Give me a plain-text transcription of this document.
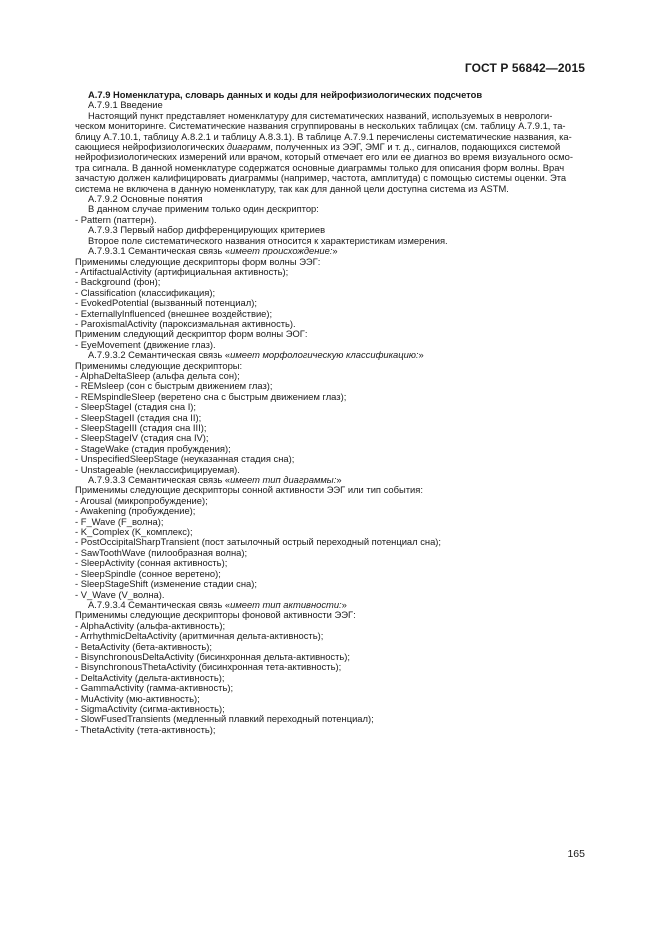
ГОСТ Р 56842—2015

A.7.9 Номенклатура, словарь данных и коды для нейрофизиологических подсчетов

A.7.9.1 Введение

Настоящий пункт представляет номенклатуру для систематических названий, используемых в неврологи-

ческом мониторинге. Систематические названия сгруппированы в нескольких таблицах (см. таблицу А.7.9.1, та-

блицу А.7.10.1, таблицу А.8.2.1 и таблицу А.8.3.1). В таблице А.7.9.1 перечислены систематические названия, ка-

сающиеся нейрофизиологических диаграмм, полученных из ЭЭГ, ЭМГ и т. д., сигналов, подающихся системой

нейрофизиологических измерений или врачом, который отмечает его или ее диагноз во время визуального осмо-

тра сигнала. В данной номенклатуре содержатся основные диаграммы только для описания форм волны. Врач

зачастую должен калифицировать диаграммы (например, частота, амплитуда) с помощью системы оценки. Эта

система не включена в данную номенклатуру, так как для данной цели доступна система из ASTM.

A.7.9.2 Основные понятия

В данном случае применим только один дескриптор:

- Pattern (паттерн).

A.7.9.3 Первый набор дифференцирующих критериев

Второе поле систематического названия относится к характеристикам измерения.

A.7.9.3.1 Семантическая связь «имеет происхождение:»

Применимы следующие дескрипторы форм волны ЭЭГ:

- ArtifactualActivity (артифициальная активность);

- Background (фон);

- Classification (классификация);

- EvokedPotential (вызванный потенциал);

- ExternallyInfluenced (внешнее воздействие);

- ParoxismalActivity (пароксизмальная активность).

Применим следующий дескриптор форм волны ЭОГ:

- EyeMovement (движение глаз).

A.7.9.3.2 Семантическая связь «имеет морфологическую классификацию:»

Применимы следующие дескрипторы:

- AlphaDeltaSleep (альфа дельта сон);

- REMsleep (сон с быстрым движением глаз);

- REMspindleSleep (веретено сна с быстрым движением глаз);

- SleepStageI (стадия сна I);

- SleepStageII (стадия сна II);

- SleepStageIII (стадия сна III);

- SleepStageIV (стадия сна IV);

- StageWake (стадия пробуждения);

- UnspecifiedSleepStage (неуказанная стадия сна);

- Unstageable (неклассифицируемая).

A.7.9.3.3 Семантическая связь «имеет тип диаграммы:»

Применимы следующие дескрипторы сонной активности ЭЭГ или тип события:

- Arousal (микропробуждение);

- Awakening (пробуждение);

- F_Wave (F_волна);

- K_Complex (K_комплекс);

- PostOccipitalSharpTransient (пост затылочный острый переходный потенциал сна);

- SawToothWave (пилообразная волна);

- SleepActivity (сонная активность);

- SleepSpindle (сонное веретено);

- SleepStageShift (изменение стадии сна);

- V_Wave (V_волна).

A.7.9.3.4 Семантическая связь «имеет тип активности:»

Применимы следующие дескрипторы фоновой активности ЭЭГ:

- AlphaActivity (альфа-активность);

- ArrhythmicDeltaActivity (аритмичная дельта-активность);

- BetaActivity (бета-активность);

- BisynchronousDeltaActivity (бисинхронная дельта-активность);

- BisynchronousThetaActivity (бисинхронная тета-активность);

- DeltaActivity (дельта-активность);

- GammaActivity (гамма-активность);

- MuActivity (мю-активность);

- SigmaActivity (сигма-активность);

- SlowFusedTransients (медленный плавкий переходный потенциал);

- ThetaActivity (тета-активность);

165
